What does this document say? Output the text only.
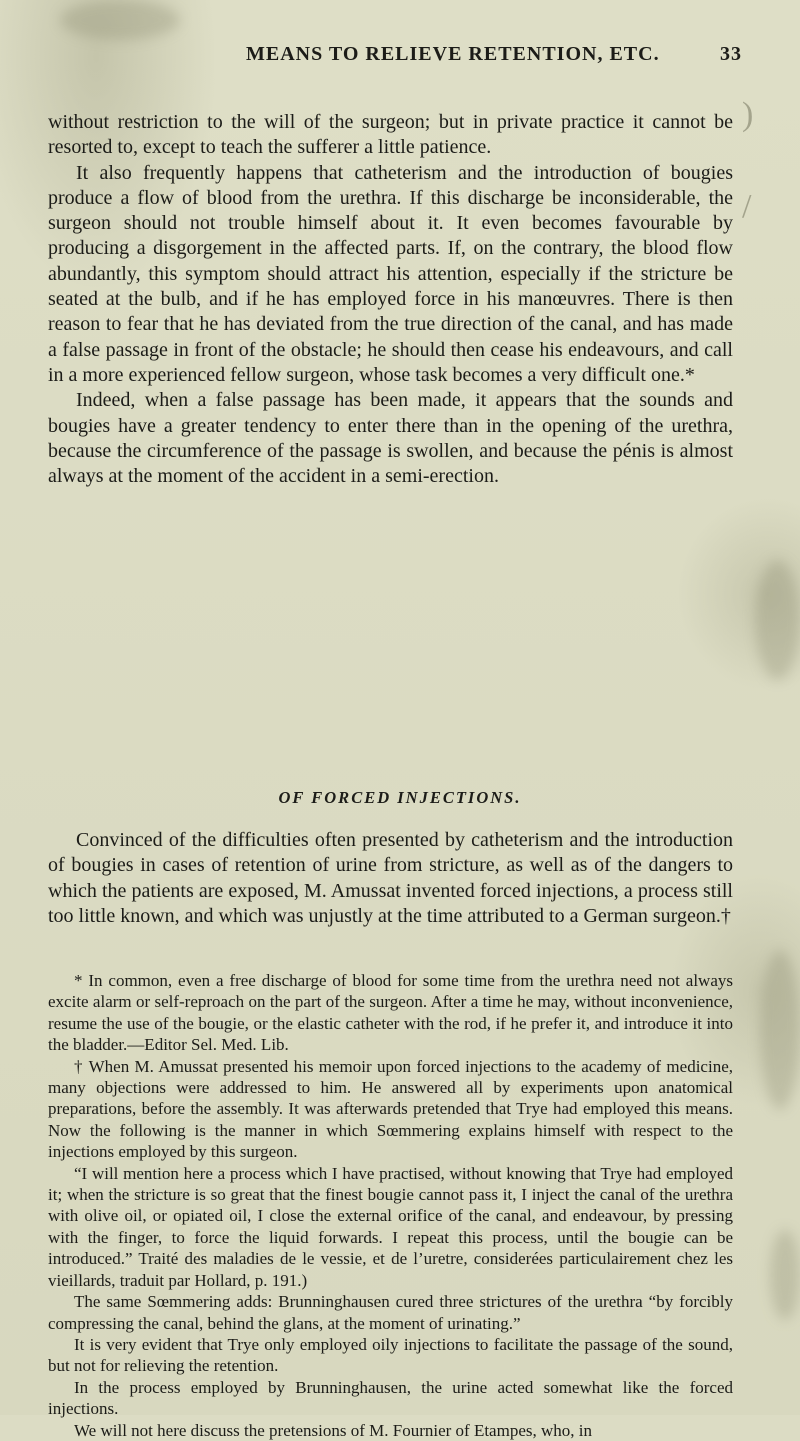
)
/
MEANS TO RELIEVE RETENTION, ETC.	33

without restriction to the will of the surgeon; but in private practice it cannot be resorted to, except to teach the sufferer a little patience.

It also frequently happens that catheterism and the introduction of bougies produce a flow of blood from the urethra. If this discharge be inconsiderable, the surgeon should not trouble himself about it. It even becomes favourable by producing a disgorgement in the affected parts. If, on the contrary, the blood flow abundantly, this symptom should attract his attention, especially if the stricture be seated at the bulb, and if he has employed force in his manœuvres. There is then reason to fear that he has deviated from the true direction of the canal, and has made a false passage in front of the obstacle; he should then cease his endeavours, and call in a more experienced fellow surgeon, whose task becomes a very difficult one.*

Indeed, when a false passage has been made, it appears that the sounds and bougies have a greater tendency to enter there than in the opening of the urethra, because the circumference of the passage is swollen, and because the pénis is almost always at the moment of the accident in a semi-erection.

OF FORCED INJECTIONS.

Convinced of the difficulties often presented by catheterism and the introduction of bougies in cases of retention of urine from stricture, as well as of the dangers to which the patients are exposed, M. Amussat invented forced injections, a process still too little known, and which was unjustly at the time attributed to a German surgeon.†

* In common, even a free discharge of blood for some time from the urethra need not always excite alarm or self-reproach on the part of the surgeon. After a time he may, without inconvenience, resume the use of the bougie, or the elastic catheter with the rod, if he prefer it, and introduce it into the bladder.—Editor Sel. Med. Lib.

† When M. Amussat presented his memoir upon forced injections to the academy of medicine, many objections were addressed to him. He answered all by experiments upon anatomical preparations, before the assembly. It was afterwards pretended that Trye had employed this means. Now the following is the manner in which Sœmmering explains himself with respect to the injections employed by this surgeon.

“I will mention here a process which I have practised, without knowing that Trye had employed it; when the stricture is so great that the finest bougie cannot pass it, I inject the canal of the urethra with olive oil, or opiated oil, I close the external orifice of the canal, and endeavour, by pressing with the finger, to force the liquid forwards. I repeat this process, until the bougie can be introduced.” Traité des maladies de le vessie, et de l’uretre, considerées particulairement chez les vieillards, traduit par Hollard, p. 191.)

The same Sœmmering adds: Brunninghausen cured three strictures of the urethra “by forcibly compressing the canal, behind the glans, at the moment of urinating.”

It is very evident that Trye only employed oily injections to facilitate the passage of the sound, but not for relieving the retention.

In the process employed by Brunninghausen, the urine acted somewhat like the forced injections.

We will not here discuss the pretensions of M. Fournier of Etampes, who, in
